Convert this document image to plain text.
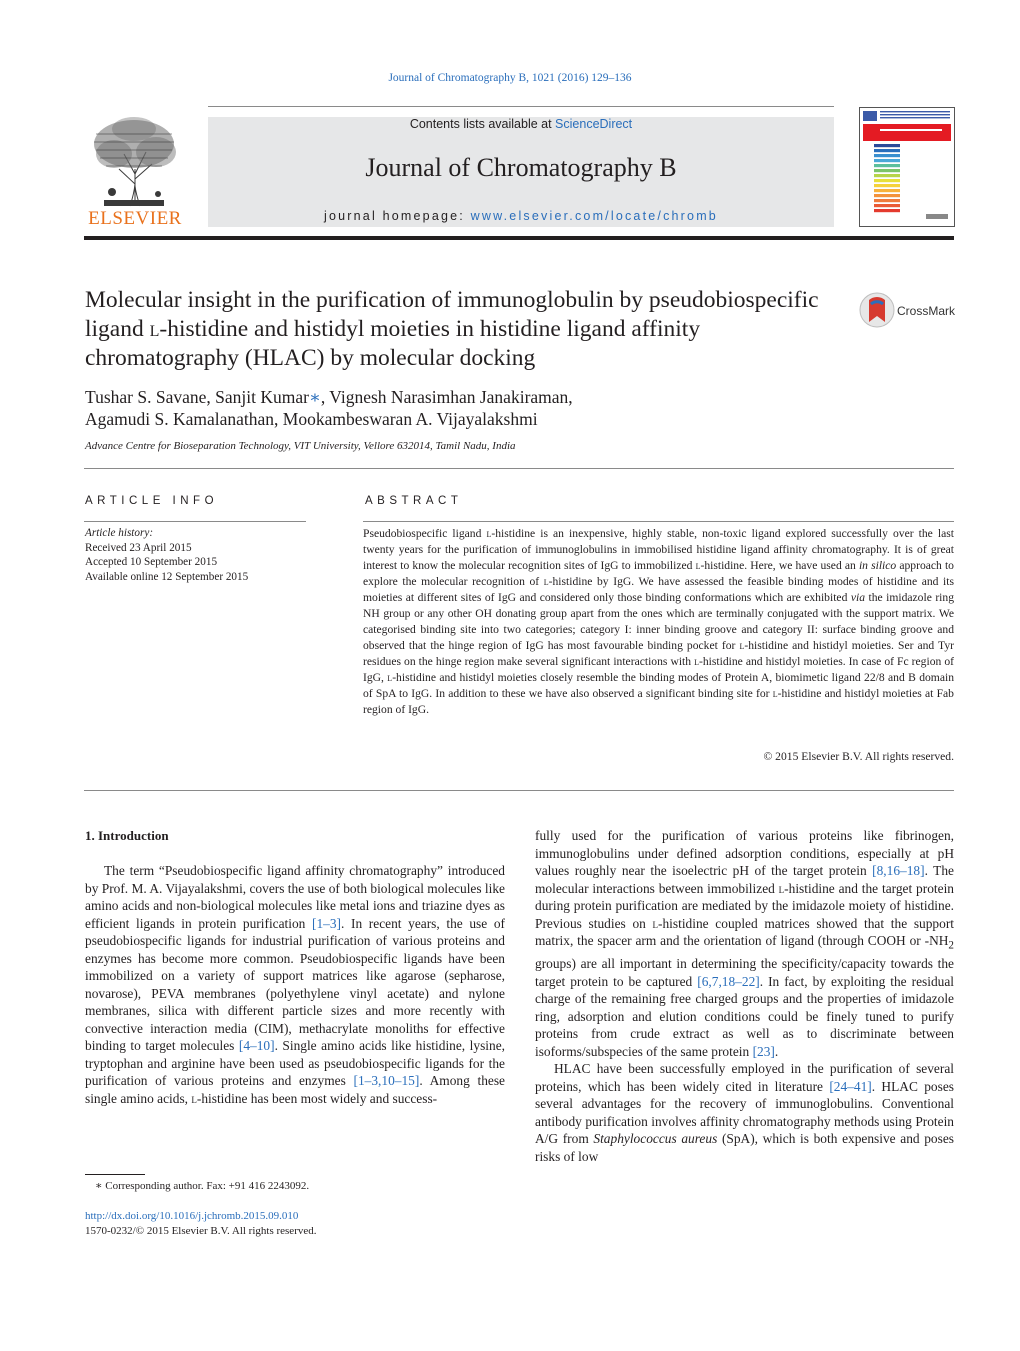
Journal of Chromatography B, 1021 (2016) 129–136
ELSEVIER
Contents lists available at ScienceDirect
Journal of Chromatography B
journal homepage: www.elsevier.com/locate/chromb
Molecular insight in the purification of immunoglobulin by pseudobiospecific ligand l-histidine and histidyl moieties in histidine ligand affinity chromatography (HLAC) by molecular docking
CrossMark
Tushar S. Savane, Sanjit Kumar∗, Vignesh Narasimhan Janakiraman,
Agamudi S. Kamalanathan, Mookambeswaran A. Vijayalakshmi
Advance Centre for Bioseparation Technology, VIT University, Vellore 632014, Tamil Nadu, India
ARTICLE INFO	ABSTRACT
Article history:
Received 23 April 2015
Accepted 10 September 2015
Available online 12 September 2015
Pseudobiospecific ligand l-histidine is an inexpensive, highly stable, non-toxic ligand explored successfully over the last twenty years for the purification of immunoglobulins in immobilised histidine ligand affinity chromatography. It is of great interest to know the molecular recognition sites of IgG to immobilized l-histidine. Here, we have used an in silico approach to explore the molecular recognition of l-histidine by IgG. We have assessed the feasible binding modes of histidine and its moieties at different sites of IgG and considered only those binding conformations which are exhibited via the imidazole ring NH group or any other OH donating group apart from the ones which are terminally conjugated with the support matrix. We categorised binding site into two categories; category I: inner binding groove and category II: surface binding groove and observed that the hinge region of IgG has most favourable binding pocket for l-histidine and histidyl moieties. Ser and Tyr residues on the hinge region make several significant interactions with l-histidine and histidyl moieties. In case of Fc region of IgG, l-histidine and histidyl moieties closely resemble the binding modes of Protein A, biomimetic ligand 22/8 and B domain of SpA to IgG. In addition to these we have also observed a significant binding site for l-histidine and histidyl moieties at Fab region of IgG.
© 2015 Elsevier B.V. All rights reserved.
1. Introduction

The term “Pseudobiospecific ligand affinity chromatography” introduced by Prof. M. A. Vijayalakshmi, covers the use of both biological molecules like amino acids and non-biological molecules like metal ions and triazine dyes as efficient ligands in protein purification [1–3]. In recent years, the use of pseudobiospecific ligands for industrial purification of various proteins and enzymes has become more common. Pseudobiospecific ligands have been immobilized on a variety of support matrices like agarose (sepharose, novarose), PEVA membranes (polyethylene vinyl acetate) and nylone membranes, silica with different particle sizes and more recently with convective interaction media (CIM), methacrylate monoliths for effective binding to target molecules [4–10]. Single amino acids like histidine, lysine, tryptophan and arginine have been used as pseudobiospecific ligands for the purification of various proteins and enzymes [1–3,10–15]. Among these single amino acids, l-histidine has been most widely and success-

fully used for the purification of various proteins like fibrinogen, immunoglobulins under defined adsorption conditions, especially at pH values roughly near the isoelectric pH of the target protein [8,16–18]. The molecular interactions between immobilized l-histidine and the target protein during protein purification are mediated by the imidazole moiety of histidine. Previous studies on l-histidine coupled matrices showed that the support matrix, the spacer arm and the orientation of ligand (through COOH or $-NH_2$ groups) are all important in determining the specificity/capacity towards the target protein to be captured [6,7,18–22]. In fact, by exploiting the residual charge of the remaining free charged groups and the properties of imidazole ring, adsorption and elution conditions could be finely tuned to purify proteins from crude extract as well as to discriminate between isoforms/subspecies of the same protein [23].

HLAC have been successfully employed in the purification of several proteins, which has been widely cited in literature [24–41]. HLAC poses several advantages for the recovery of immunoglobulins. Conventional antibody purification involves affinity chromatography methods using Protein A/G from Staphylococcus aureus (SpA), which is both expensive and poses risks of low

∗ Corresponding author. Fax: +91 416 2243092.
http://dx.doi.org/10.1016/j.jchromb.2015.09.010
1570-0232/© 2015 Elsevier B.V. All rights reserved.
